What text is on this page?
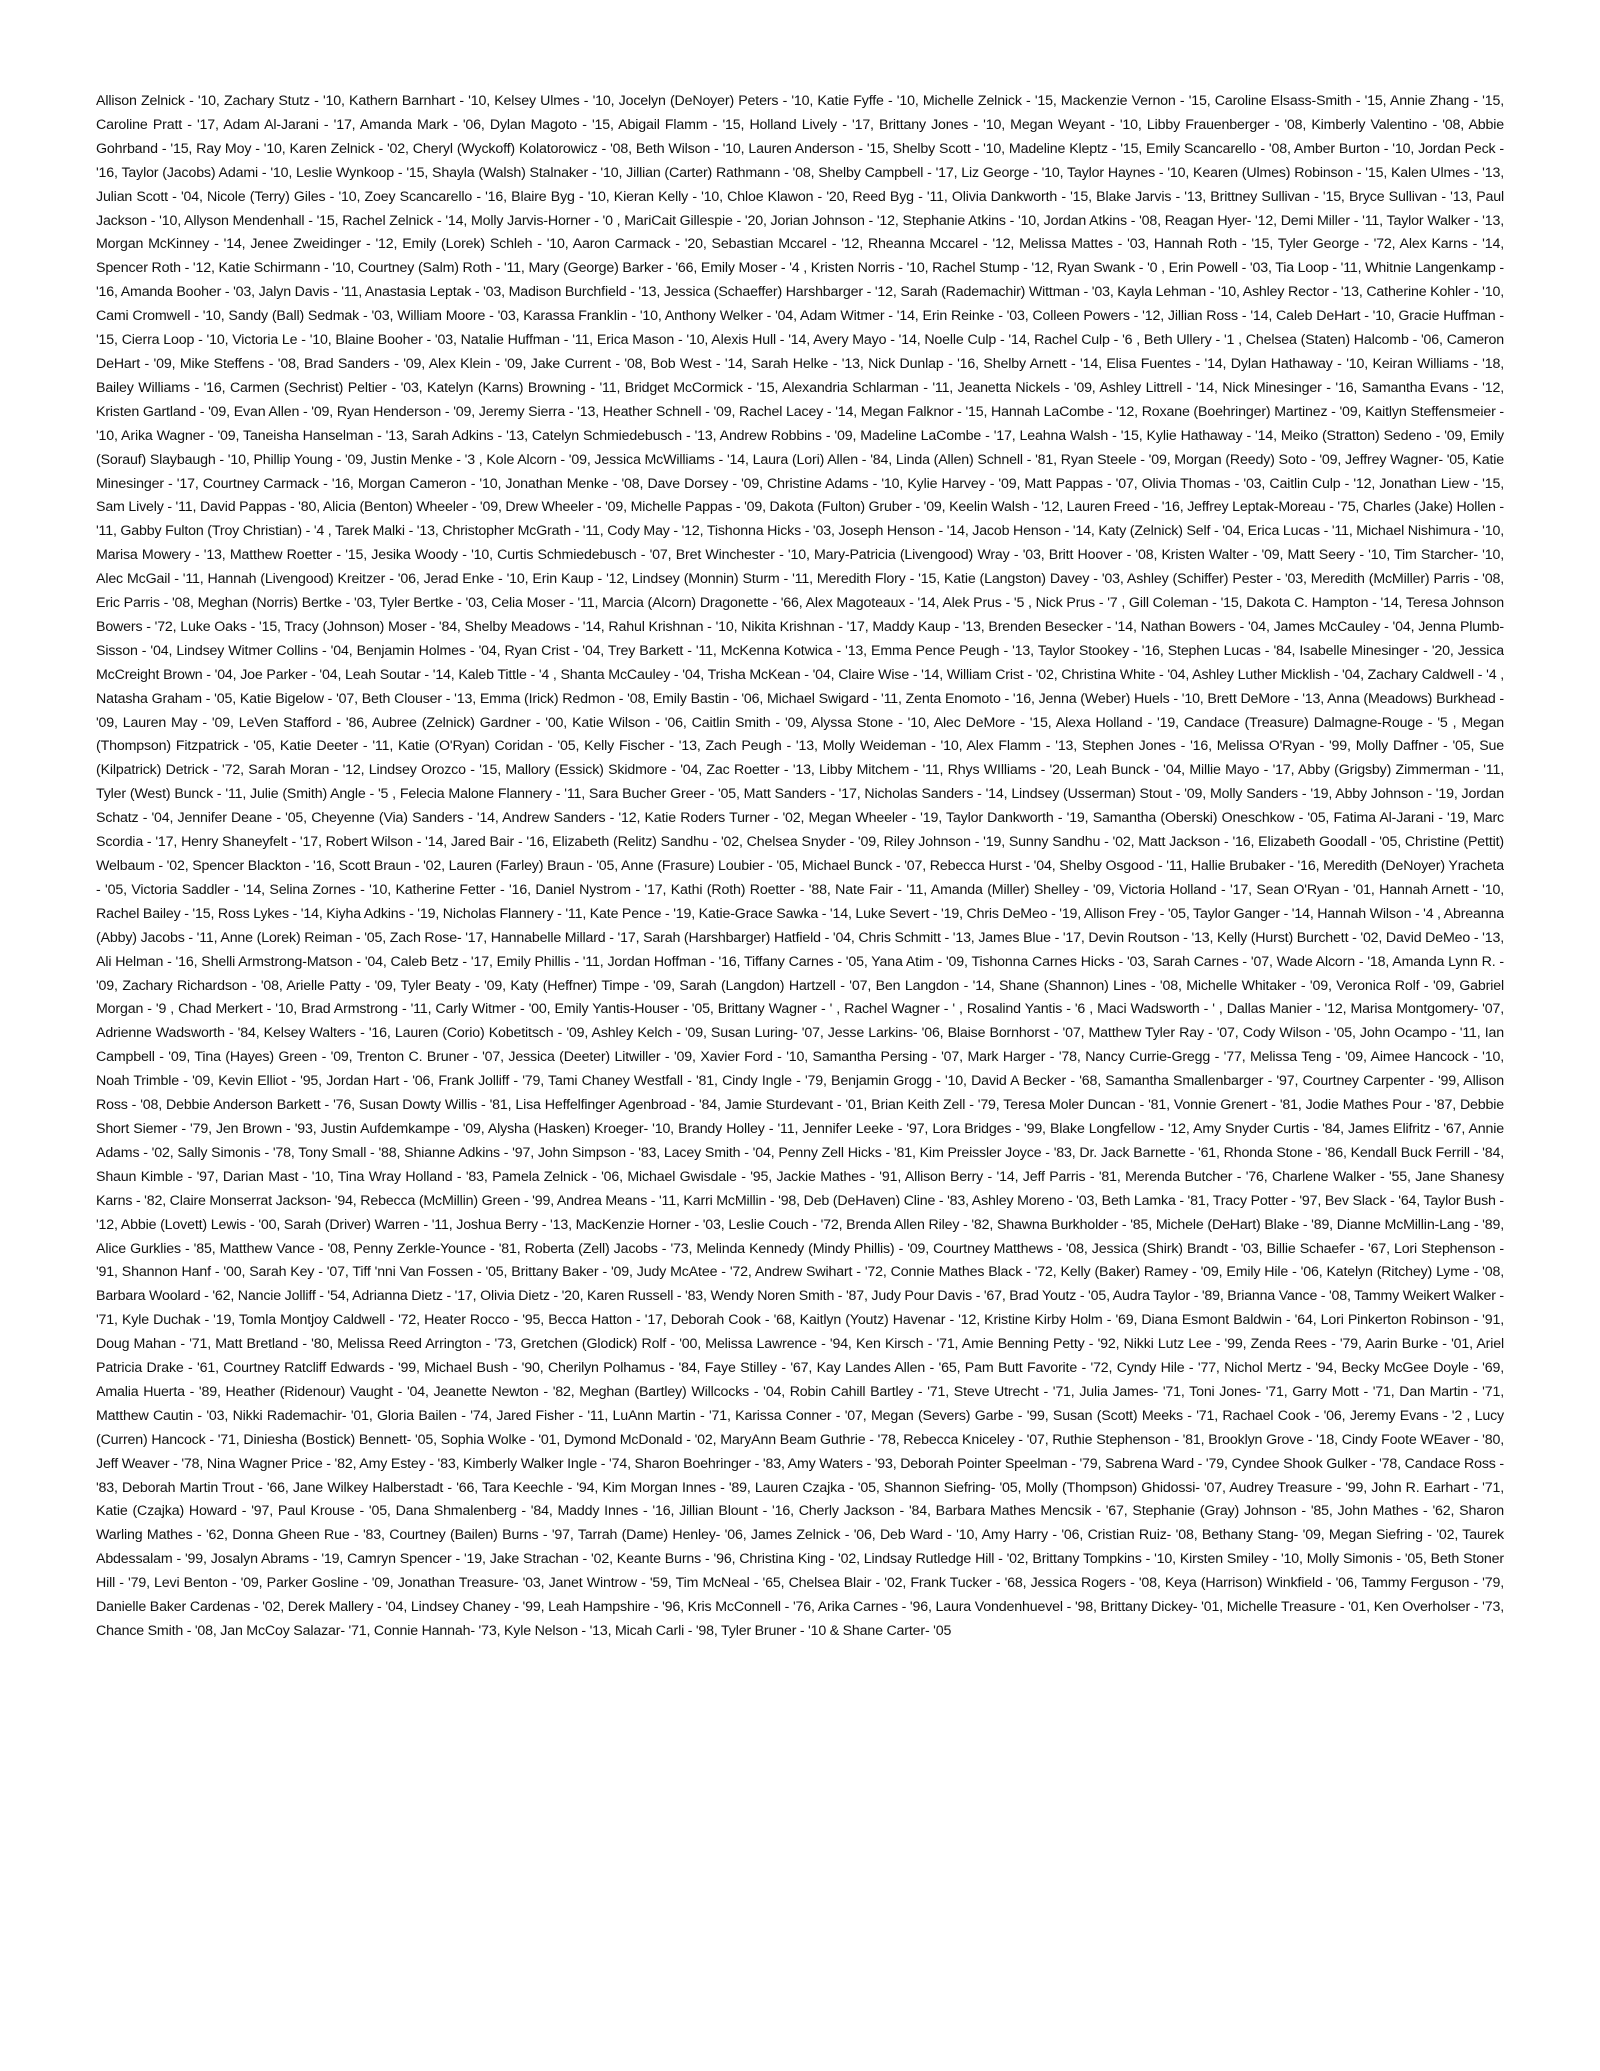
Allison Zelnick - '10, Zachary Stutz - '10, Kathern Barnhart - '10, Kelsey Ulmes - '10, Jocelyn (DeNoyer) Peters - '10, Katie Fyffe - '10, Michelle Zelnick - '15, Mackenzie Vernon - '15, Caroline Elsass-Smith - '15, Annie Zhang - '15, Caroline Pratt - '17, Adam Al-Jarani - '17, Amanda Mark - '06, Dylan Magoto - '15, Abigail Flamm - '15, Holland Lively - '17, Brittany Jones - '10, Megan Weyant - '10, Libby Frauenberger - '08, Kimberly Valentino - '08, Abbie Gohrband - '15, Ray Moy - '10, Karen Zelnick - '02, Cheryl (Wyckoff) Kolatorowicz - '08, Beth Wilson - '10, Lauren Anderson - '15, Shelby Scott - '10, Madeline Kleptz - '15, Emily Scancarello - '08, Amber Burton - '10, Jordan Peck - '16, Taylor (Jacobs) Adami - '10, Leslie Wynkoop - '15, Shayla (Walsh) Stalnaker - '10, Jillian (Carter) Rathmann - '08, Shelby Campbell - '17, Liz George - '10, Taylor Haynes - '10, Kearen (Ulmes) Robinson - '15, Kalen Ulmes - '13, Julian Scott - '04, Nicole (Terry) Giles - '10, Zoey Scancarello - '16, Blaire Byg - '10, Kieran Kelly - '10, Chloe Klawon - '20, Reed Byg - '11, Olivia Dankworth - '15, Blake Jarvis - '13, Brittney Sullivan - '15, Bryce Sullivan - '13, Paul Jackson - '10, Allyson Mendenhall - '15, Rachel Zelnick - '14, Molly Jarvis-Horner - '0 , MariCait Gillespie - '20, Jorian Johnson - '12, Stephanie Atkins - '10, Jordan Atkins - '08, Reagan Hyer- '12, Demi Miller - '11, Taylor Walker - '13, Morgan McKinney - '14, Jenee Zweidinger - '12, Emily (Lorek) Schleh - '10, Aaron Carmack - '20, Sebastian Mccarel - '12, Rheanna Mccarel - '12, Melissa Mattes - '03, Hannah Roth - '15, Tyler George - '72, Alex Karns - '14, Spencer Roth - '12, Katie Schirmann - '10, Courtney (Salm) Roth - '11, Mary (George) Barker - '66, Emily Moser - '4 , Kristen Norris - '10, Rachel Stump - '12, Ryan Swank - '0 , Erin Powell - '03, Tia Loop - '11, Whitnie Langenkamp - '16, Amanda Booher - '03, Jalyn Davis - '11, Anastasia Leptak - '03, Madison Burchfield - '13, Jessica (Schaeffer) Harshbarger - '12, Sarah (Rademachir) Wittman - '03, Kayla Lehman - '10, Ashley Rector - '13, Catherine Kohler - '10, Cami Cromwell - '10, Sandy (Ball) Sedmak - '03, William Moore - '03, Karassa Franklin - '10, Anthony Welker - '04, Adam Witmer - '14, Erin Reinke - '03, Colleen Powers - '12, Jillian Ross - '14, Caleb DeHart - '10, Gracie Huffman - '15, Cierra Loop - '10, Victoria Le - '10, Blaine Booher - '03, Natalie Huffman - '11, Erica Mason - '10, Alexis Hull - '14, Avery Mayo - '14, Noelle Culp - '14, Rachel Culp - '6 , Beth Ullery - '1 , Chelsea (Staten) Halcomb - '06, Cameron DeHart - '09, Mike Steffens - '08, Brad Sanders - '09, Alex Klein - '09, Jake Current - '08, Bob West - '14, Sarah Helke - '13, Nick Dunlap - '16, Shelby Arnett - '14, Elisa Fuentes - '14, Dylan Hathaway - '10, Keiran Williams - '18, Bailey Williams - '16, Carmen (Sechrist) Peltier - '03, Katelyn (Karns) Browning - '11, Bridget McCormick - '15, Alexandria Schlarman - '11, Jeanetta Nickels - '09, Ashley Littrell - '14, Nick Minesinger - '16, Samantha Evans - '12, Kristen Gartland - '09, Evan Allen - '09, Ryan Henderson - '09, Jeremy Sierra - '13, Heather Schnell - '09, Rachel Lacey - '14, Megan Falknor - '15, Hannah LaCombe - '12, Roxane (Boehringer) Martinez - '09, Kaitlyn Steffensmeier - '10, Arika Wagner - '09, Taneisha Hanselman - '13, Sarah Adkins - '13, Catelyn Schmiedebusch - '13, Andrew Robbins - '09, Madeline LaCombe - '17, Leahna Walsh - '15, Kylie Hathaway - '14, Meiko (Stratton) Sedeno - '09, Emily (Sorauf) Slaybaugh - '10, Phillip Young - '09, Justin Menke - '3 , Kole Alcorn - '09, Jessica McWilliams - '14, Laura (Lori) Allen - '84, Linda (Allen) Schnell - '81, Ryan Steele - '09, Morgan (Reedy) Soto - '09, Jeffrey Wagner- '05, Katie Minesinger - '17, Courtney Carmack - '16, Morgan Cameron - '10, Jonathan Menke - '08, Dave Dorsey - '09, Christine Adams - '10, Kylie Harvey - '09, Matt Pappas - '07, Olivia Thomas - '03, Caitlin Culp - '12, Jonathan Liew - '15, Sam Lively - '11, David Pappas - '80, Alicia (Benton) Wheeler - '09, Drew Wheeler - '09, Michelle Pappas - '09, Dakota (Fulton) Gruber - '09, Keelin Walsh - '12, Lauren Freed - '16, Jeffrey Leptak-Moreau - '75, Charles (Jake) Hollen - '11, Gabby Fulton (Troy Christian) - '4 , Tarek Malki - '13, Christopher McGrath - '11, Cody May - '12, Tishonna Hicks - '03, Joseph Henson - '14, Jacob Henson - '14, Katy (Zelnick) Self - '04, Erica Lucas - '11, Michael Nishimura - '10, Marisa Mowery - '13, Matthew Roetter - '15, Jesika Woody - '10, Curtis Schmiedebusch - '07, Bret Winchester - '10, Mary-Patricia (Livengood) Wray - '03, Britt Hoover - '08, Kristen Walter - '09, Matt Seery - '10, Tim Starcher- '10, Alec McGail - '11, Hannah (Livengood) Kreitzer - '06, Jerad Enke - '10, Erin Kaup - '12, Lindsey (Monnin) Sturm - '11, Meredith Flory - '15, Katie (Langston) Davey - '03, Ashley (Schiffer) Pester - '03, Meredith (McMiller) Parris - '08, Eric Parris - '08, Meghan (Norris) Bertke - '03, Tyler Bertke - '03, Celia Moser - '11, Marcia (Alcorn) Dragonette - '66, Alex Magoteaux - '14, Alek Prus - '5 , Nick Prus - '7 , Gill Coleman - '15, Dakota C. Hampton - '14, Teresa Johnson Bowers - '72, Luke Oaks - '15, Tracy (Johnson) Moser - '84, Shelby Meadows - '14, Rahul Krishnan - '10, Nikita Krishnan - '17, Maddy Kaup - '13, Brenden Besecker - '14, Nathan Bowers - '04, James McCauley - '04, Jenna Plumb-Sisson - '04, Lindsey Witmer Collins - '04, Benjamin Holmes - '04, Ryan Crist - '04, Trey Barkett - '11, McKenna Kotwica - '13, Emma Pence Peugh - '13, Taylor Stookey - '16, Stephen Lucas - '84, Isabelle Minesinger - '20, Jessica McCreight Brown - '04, Joe Parker - '04, Leah Soutar - '14, Kaleb Tittle - '4 , Shanta McCauley - '04, Trisha McKean - '04, Claire Wise - '14, William Crist - '02, Christina White - '04, Ashley Luther Micklish - '04, Zachary Caldwell - '4 , Natasha Graham - '05, Katie Bigelow - '07, Beth Clouser - '13, Emma (Irick) Redmon - '08, Emily Bastin - '06, Michael Swigard - '11, Zenta Enomoto - '16, Jenna (Weber) Huels - '10, Brett DeMore - '13, Anna (Meadows) Burkhead - '09, Lauren May - '09, LeVen Stafford - '86, Aubree (Zelnick) Gardner - '00, Katie Wilson - '06, Caitlin Smith - '09, Alyssa Stone - '10, Alec DeMore - '15, Alexa Holland - '19, Candace (Treasure) Dalmagne-Rouge - '5 , Megan (Thompson) Fitzpatrick - '05, Katie Deeter - '11, Katie (O'Ryan) Coridan - '05, Kelly Fischer - '13, Zach Peugh - '13, Molly Weideman - '10, Alex Flamm - '13, Stephen Jones - '16, Melissa O'Ryan - '99, Molly Daffner - '05, Sue (Kilpatrick) Detrick - '72, Sarah Moran - '12, Lindsey Orozco - '15, Mallory (Essick) Skidmore - '04, Zac Roetter - '13, Libby Mitchem - '11, Rhys WIlliams - '20, Leah Bunck - '04, Millie Mayo - '17, Abby (Grigsby) Zimmerman - '11, Tyler (West) Bunck - '11, Julie (Smith) Angle - '5 , Felecia Malone Flannery - '11, Sara Bucher Greer - '05, Matt Sanders - '17, Nicholas Sanders - '14, Lindsey (Usserman) Stout - '09, Molly Sanders - '19, Abby Johnson - '19, Jordan Schatz - '04, Jennifer Deane - '05, Cheyenne (Via) Sanders - '14, Andrew Sanders - '12, Katie Roders Turner - '02, Megan Wheeler - '19, Taylor Dankworth - '19, Samantha (Oberski) Oneschkow - '05, Fatima Al-Jarani - '19, Marc Scordia - '17, Henry Shaneyfelt - '17, Robert Wilson - '14, Jared Bair - '16, Elizabeth (Relitz) Sandhu - '02, Chelsea Snyder - '09, Riley Johnson - '19, Sunny Sandhu - '02, Matt Jackson - '16, Elizabeth Goodall - '05, Christine (Pettit) Welbaum - '02, Spencer Blackton - '16, Scott Braun - '02, Lauren (Farley) Braun - '05, Anne (Frasure) Loubier - '05, Michael Bunck - '07, Rebecca Hurst - '04, Shelby Osgood - '11, Hallie Brubaker - '16, Meredith (DeNoyer) Yracheta - '05, Victoria Saddler - '14, Selina Zornes - '10, Katherine Fetter - '16, Daniel Nystrom - '17, Kathi (Roth) Roetter - '88, Nate Fair - '11, Amanda (Miller) Shelley - '09, Victoria Holland - '17, Sean O'Ryan - '01, Hannah Arnett - '10, Rachel Bailey - '15, Ross Lykes - '14, Kiyha Adkins - '19, Nicholas Flannery - '11, Kate Pence - '19, Katie-Grace Sawka - '14, Luke Severt - '19, Chris DeMeo - '19, Allison Frey - '05, Taylor Ganger - '14, Hannah Wilson - '4 , Abreanna (Abby) Jacobs - '11, Anne (Lorek) Reiman - '05, Zach Rose- '17, Hannabelle Millard - '17, Sarah (Harshbarger) Hatfield - '04, Chris Schmitt - '13, James Blue - '17, Devin Routson - '13, Kelly (Hurst) Burchett - '02, David DeMeo - '13, Ali Helman - '16, Shelli Armstrong-Matson - '04, Caleb Betz - '17, Emily Phillis - '11, Jordan Hoffman - '16, Tiffany Carnes - '05, Yana Atim - '09, Tishonna Carnes Hicks - '03, Sarah Carnes - '07, Wade Alcorn - '18, Amanda Lynn R. - '09, Zachary Richardson - '08, Arielle Patty - '09, Tyler Beaty - '09, Katy (Heffner) Timpe - '09, Sarah (Langdon) Hartzell - '07, Ben Langdon - '14, Shane (Shannon) Lines - '08, Michelle Whitaker - '09, Veronica Rolf - '09, Gabriel Morgan - '9 , Chad Merkert - '10, Brad Armstrong - '11, Carly Witmer - '00, Emily Yantis-Houser - '05, Brittany Wagner - ' , Rachel Wagner - ' , Rosalind Yantis - '6 , Maci Wadsworth - ' , Dallas Manier - '12, Marisa Montgomery- '07, Adrienne Wadsworth - '84, Kelsey Walters - '16, Lauren (Corio) Kobetitsch - '09, Ashley Kelch - '09, Susan Luring- '07, Jesse Larkins- '06, Blaise Bornhorst - '07, Matthew Tyler Ray - '07, Cody Wilson - '05, John Ocampo - '11, Ian Campbell - '09, Tina (Hayes) Green - '09, Trenton C. Bruner - '07, Jessica (Deeter) Litwiller - '09, Xavier Ford - '10, Samantha Persing - '07, Mark Harger - '78, Nancy Currie-Gregg - '77, Melissa Teng - '09, Aimee Hancock - '10, Noah Trimble - '09, Kevin Elliot - '95, Jordan Hart - '06, Frank Jolliff - '79, Tami Chaney Westfall - '81, Cindy Ingle - '79, Benjamin Grogg - '10, David A Becker - '68, Samantha Smallenbarger - '97, Courtney Carpenter - '99, Allison Ross - '08, Debbie Anderson Barkett - '76, Susan Dowty Willis - '81, Lisa Heffelfinger Agenbroad - '84, Jamie Sturdevant - '01, Brian Keith Zell - '79, Teresa Moler Duncan - '81, Vonnie Grenert - '81, Jodie Mathes Pour - '87, Debbie Short Siemer - '79, Jen Brown - '93, Justin Aufdemkampe - '09, Alysha (Hasken) Kroeger- '10, Brandy Holley - '11, Jennifer Leeke - '97, Lora Bridges - '99, Blake Longfellow - '12, Amy Snyder Curtis - '84, James Elifritz - '67, Annie Adams - '02, Sally Simonis - '78, Tony Small - '88, Shianne Adkins - '97, John Simpson - '83, Lacey Smith - '04, Penny Zell Hicks - '81, Kim Preissler Joyce - '83, Dr. Jack Barnette - '61, Rhonda Stone - '86, Kendall Buck Ferrill - '84, Shaun Kimble - '97, Darian Mast - '10, Tina Wray Holland - '83, Pamela Zelnick - '06, Michael Gwisdale - '95, Jackie Mathes - '91, Allison Berry - '14, Jeff Parris - '81, Merenda Butcher - '76, Charlene Walker - '55, Jane Shanesy Karns - '82, Claire Monserrat Jackson- '94, Rebecca (McMillin) Green - '99, Andrea Means - '11, Karri McMillin - '98, Deb (DeHaven) Cline - '83, Ashley Moreno - '03, Beth Lamka - '81, Tracy Potter - '97, Bev Slack - '64, Taylor Bush - '12, Abbie (Lovett) Lewis - '00, Sarah (Driver) Warren - '11, Joshua Berry - '13, MacKenzie Horner - '03, Leslie Couch - '72, Brenda Allen Riley - '82, Shawna Burkholder - '85, Michele (DeHart) Blake - '89, Dianne McMillin-Lang - '89, Alice Gurklies - '85, Matthew Vance - '08, Penny Zerkle-Younce - '81, Roberta (Zell) Jacobs - '73, Melinda Kennedy (Mindy Phillis) - '09, Courtney Matthews - '08, Jessica (Shirk) Brandt - '03, Billie Schaefer - '67, Lori Stephenson - '91, Shannon Hanf - '00, Sarah Key - '07, Tiff 'nni Van Fossen - '05, Brittany Baker - '09, Judy McAtee - '72, Andrew Swihart - '72, Connie Mathes Black - '72, Kelly (Baker) Ramey - '09, Emily Hile - '06, Katelyn (Ritchey) Lyme - '08, Barbara Woolard - '62, Nancie Jolliff - '54, Adrianna Dietz - '17, Olivia Dietz - '20, Karen Russell - '83, Wendy Noren Smith - '87, Judy Pour Davis - '67, Brad Youtz - '05, Audra Taylor - '89, Brianna Vance - '08, Tammy Weikert Walker - '71, Kyle Duchak - '19, Tomla Montjoy Caldwell - '72, Heater Rocco - '95, Becca Hatton - '17, Deborah Cook - '68, Kaitlyn (Youtz) Havenar - '12, Kristine Kirby Holm - '69, Diana Esmont Baldwin - '64, Lori Pinkerton Robinson - '91, Doug Mahan - '71, Matt Bretland - '80, Melissa Reed Arrington - '73, Gretchen (Glodick) Rolf - '00, Melissa Lawrence - '94, Ken Kirsch - '71, Amie Benning Petty - '92, Nikki Lutz Lee - '99, Zenda Rees - '79, Aarin Burke - '01, Ariel Patricia Drake - '61, Courtney Ratcliff Edwards - '99, Michael Bush - '90, Cherilyn Polhamus - '84, Faye Stilley - '67, Kay Landes Allen - '65, Pam Butt Favorite - '72, Cyndy Hile - '77, Nichol Mertz - '94, Becky McGee Doyle - '69, Amalia Huerta - '89, Heather (Ridenour) Vaught - '04, Jeanette Newton - '82, Meghan (Bartley) Willcocks - '04, Robin Cahill Bartley - '71, Steve Utrecht - '71, Julia James- '71, Toni Jones- '71, Garry Mott - '71, Dan Martin - '71, Matthew Cautin - '03, Nikki Rademachir- '01, Gloria Bailen - '74, Jared Fisher - '11, LuAnn Martin - '71, Karissa Conner - '07, Megan (Severs) Garbe - '99, Susan (Scott) Meeks - '71, Rachael Cook - '06, Jeremy Evans - '2 , Lucy (Curren) Hancock - '71, Diniesha (Bostick) Bennett- '05, Sophia Wolke - '01, Dymond McDonald - '02, MaryAnn Beam Guthrie - '78, Rebecca Kniceley - '07, Ruthie Stephenson - '81, Brooklyn Grove - '18, Cindy Foote WEaver - '80, Jeff Weaver - '78, Nina Wagner Price - '82, Amy Estey - '83, Kimberly Walker Ingle - '74, Sharon Boehringer - '83, Amy Waters - '93, Deborah Pointer Speelman - '79, Sabrena Ward - '79, Cyndee Shook Gulker - '78, Candace Ross - '83, Deborah Martin Trout - '66, Jane Wilkey Halberstadt - '66, Tara Keechle - '94, Kim Morgan Innes - '89, Lauren Czajka - '05, Shannon Siefring- '05, Molly (Thompson) Ghidossi- '07, Audrey Treasure - '99, John R. Earhart - '71, Katie (Czajka) Howard - '97, Paul Krouse - '05, Dana Shmalenberg - '84, Maddy Innes - '16, Jillian Blount - '16, Cherly Jackson - '84, Barbara Mathes Mencsik - '67, Stephanie (Gray) Johnson - '85, John Mathes - '62, Sharon Warling Mathes - '62, Donna Gheen Rue - '83, Courtney (Bailen) Burns - '97, Tarrah (Dame) Henley- '06, James Zelnick - '06, Deb Ward - '10, Amy Harry - '06, Cristian Ruiz- '08, Bethany Stang- '09, Megan Siefring - '02, Taurek Abdessalam - '99, Josalyn Abrams - '19, Camryn Spencer - '19, Jake Strachan - '02, Keante Burns - '96, Christina King - '02, Lindsay Rutledge Hill - '02, Brittany Tompkins - '10, Kirsten Smiley - '10, Molly Simonis - '05, Beth Stoner Hill - '79, Levi Benton - '09, Parker Gosline - '09, Jonathan Treasure- '03, Janet Wintrow - '59, Tim McNeal - '65, Chelsea Blair - '02, Frank Tucker - '68, Jessica Rogers - '08, Keya (Harrison) Winkfield - '06, Tammy Ferguson - '79, Danielle Baker Cardenas - '02, Derek Mallery - '04, Lindsey Chaney - '99, Leah Hampshire - '96, Kris McConnell - '76, Arika Carnes - '96, Laura Vondenhuevel - '98, Brittany Dickey- '01, Michelle Treasure - '01, Ken Overholser - '73, Chance Smith - '08, Jan McCoy Salazar- '71, Connie Hannah- '73, Kyle Nelson - '13, Micah Carli - '98, Tyler Bruner - '10 & Shane Carter- '05
